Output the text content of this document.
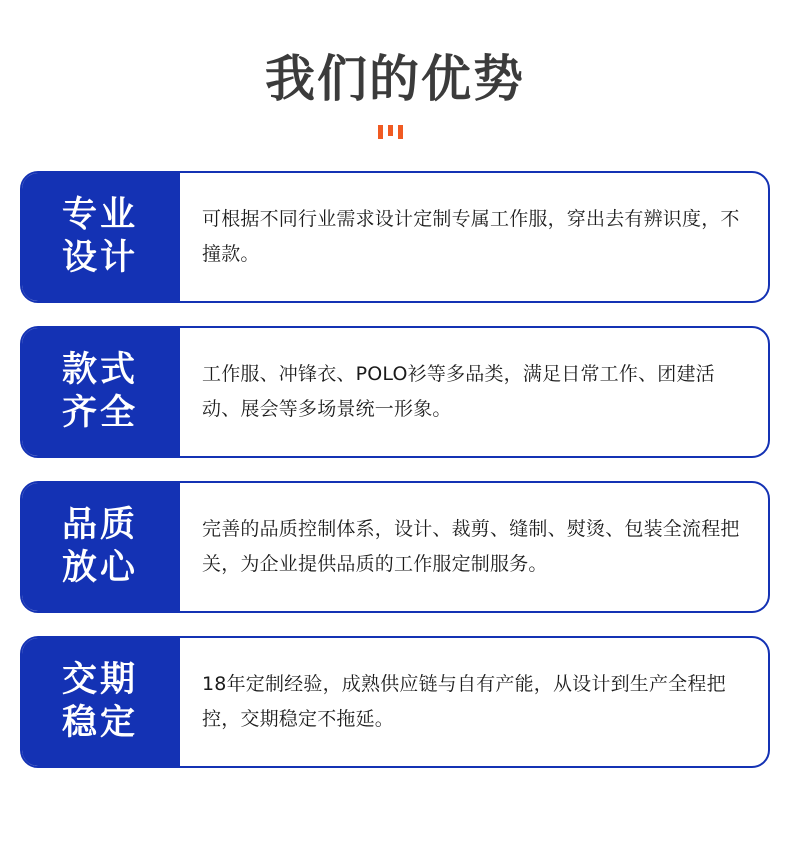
我们的优势
专业
设计

可根据不同行业需求设计定制专属工作服，穿出去有辨识度，不撞款。

款式
齐全

工作服、冲锋衣、POLO衫等多品类，满足日常工作、团建活动、展会等多场景统一形象。

品质
放心

完善的品质控制体系，设计、裁剪、缝制、熨烫、包装全流程把关，为企业提供品质的工作服定制服务。

交期
稳定

18年定制经验，成熟供应链与自有产能，从设计到生产全程把控，交期稳定不拖延。
